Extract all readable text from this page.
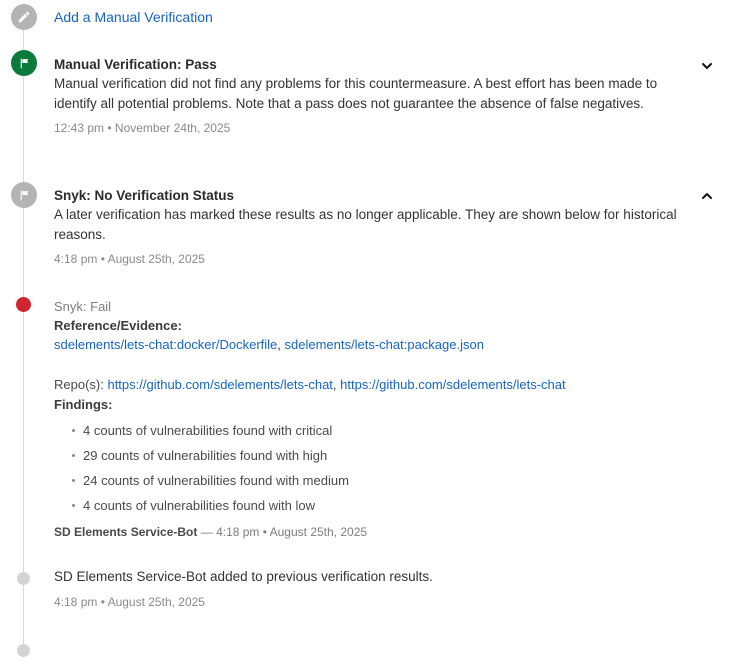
Add a Manual Verification
Manual Verification: Pass
Manual verification did not find any problems for this countermeasure. A best effort has been made to identify all potential problems. Note that a pass does not guarantee the absence of false negatives.
12:43 pm • November 24th, 2025
Snyk: No Verification Status
A later verification has marked these results as no longer applicable. They are shown below for historical reasons.
4:18 pm • August 25th, 2025
Snyk: Fail
Reference/Evidence:
sdelements/lets-chat:docker/Dockerfile, sdelements/lets-chat:package.json
Repo(s): https://github.com/sdelements/lets-chat, https://github.com/sdelements/lets-chat
Findings:
4 counts of vulnerabilities found with critical
29 counts of vulnerabilities found with high
24 counts of vulnerabilities found with medium
4 counts of vulnerabilities found with low
SD Elements Service-Bot — 4:18 pm • August 25th, 2025
SD Elements Service-Bot added to previous verification results.
4:18 pm • August 25th, 2025
